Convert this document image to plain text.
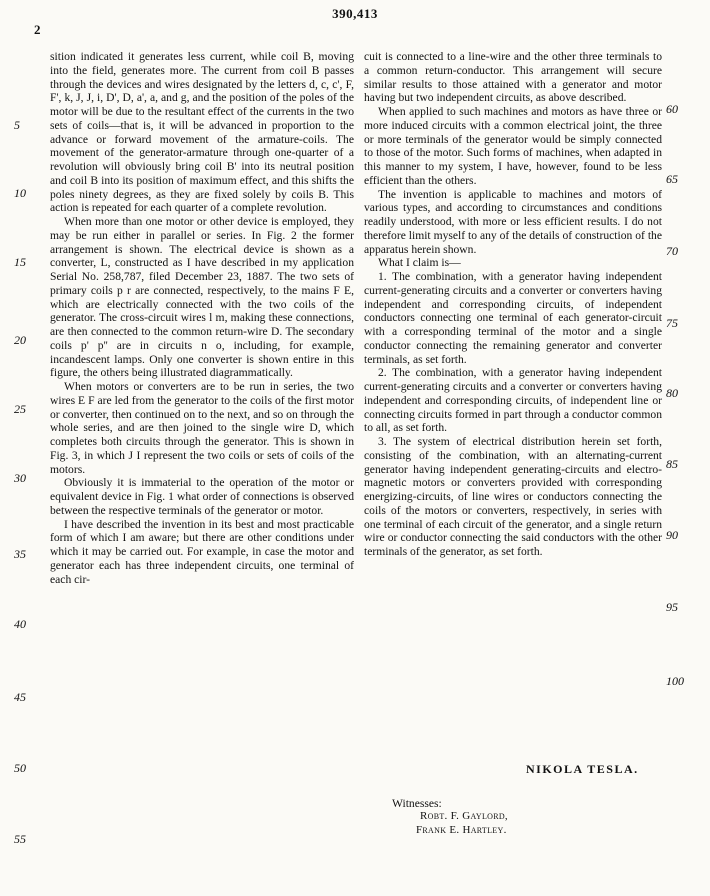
2
390,413
5
10
15
20
25
30
35
40
45
50
55
60
65
70
75
80
85
90
95
100

sition indicated it generates less current, while coil B, moving into the field, generates more. The current from coil B passes through the devices and wires designated by the letters d, c, c', F, F', k, J, J, i, D', D, a', a, and g, and the position of the poles of the motor will be due to the resultant effect of the currents in the two sets of coils—that is, it will be advanced in proportion to the advance or forward movement of the armature-coils. The movement of the generator-armature through one-quarter of a revolution will obviously bring coil B' into its neutral position and coil B into its position of maximum effect, and this shifts the poles ninety degrees, as they are fixed solely by coils B. This action is repeated for each quarter of a complete revolution.

When more than one motor or other device is employed, they may be run either in parallel or series. In Fig. 2 the former arrangement is shown. The electrical device is shown as a converter, L, constructed as I have described in my application Serial No. 258,787, filed December 23, 1887. The two sets of primary coils p r are connected, respectively, to the mains F E, which are electrically connected with the two coils of the generator. The cross-circuit wires l m, making these connections, are then connected to the common return-wire D. The secondary coils p' p'' are in circuits n o, including, for example, incandescent lamps. Only one converter is shown entire in this figure, the others being illustrated diagrammatically.

When motors or converters are to be run in series, the two wires E F are led from the generator to the coils of the first motor or converter, then continued on to the next, and so on through the whole series, and are then joined to the single wire D, which completes both circuits through the generator. This is shown in Fig. 3, in which J I represent the two coils or sets of coils of the motors.

Obviously it is immaterial to the operation of the motor or equivalent device in Fig. 1 what order of connections is observed between the respective terminals of the generator or motor.

I have described the invention in its best and most practicable form of which I am aware; but there are other conditions under which it may be carried out. For example, in case the motor and generator each has three independent circuits, one terminal of each cir-

cuit is connected to a line-wire and the other three terminals to a common return-conductor. This arrangement will secure similar results to those attained with a generator and motor having but two independent circuits, as above described.

When applied to such machines and motors as have three or more induced circuits with a common electrical joint, the three or more terminals of the generator would be simply connected to those of the motor. Such forms of machines, when adapted in this manner to my system, I have, however, found to be less efficient than the others.

The invention is applicable to machines and motors of various types, and according to circumstances and conditions readily understood, with more or less efficient results. I do not therefore limit myself to any of the details of construction of the apparatus herein shown.

What I claim is—

1. The combination, with a generator having independent current-generating circuits and a converter or converters having independent and corresponding circuits, of independent conductors connecting one terminal of each generator-circuit with a corresponding terminal of the motor and a single conductor connecting the remaining generator and converter terminals, as set forth.

2. The combination, with a generator having independent current-generating circuits and a converter or converters having independent and corresponding circuits, of independent line or connecting circuits formed in part through a conductor common to all, as set forth.

3. The system of electrical distribution herein set forth, consisting of the combination, with an alternating-current generator having independent generating-circuits and electro-magnetic motors or converters provided with corresponding energizing-circuits, of line wires or conductors connecting the coils of the motors or converters, respectively, in series with one terminal of each circuit of the generator, and a single return wire or conductor connecting the said conductors with the other terminals of the generator, as set forth.

NIKOLA TESLA.
Witnesses:
Robt. F. Gaylord,
Frank E. Hartley.
